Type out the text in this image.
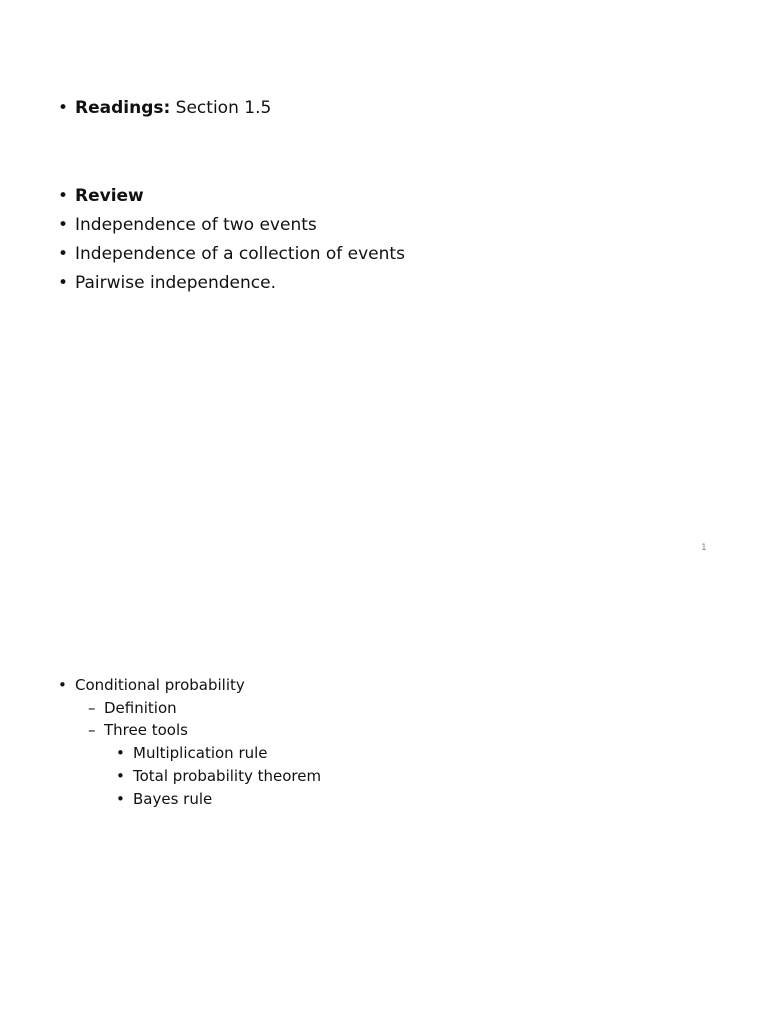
• Readings: Section 1.5
• Review
• Independence of two events
• Independence of a collection of events
• Pairwise independence.
1
• Conditional probability
– Definition
– Three tools
• Multiplication rule
• Total probability theorem
• Bayes rule
